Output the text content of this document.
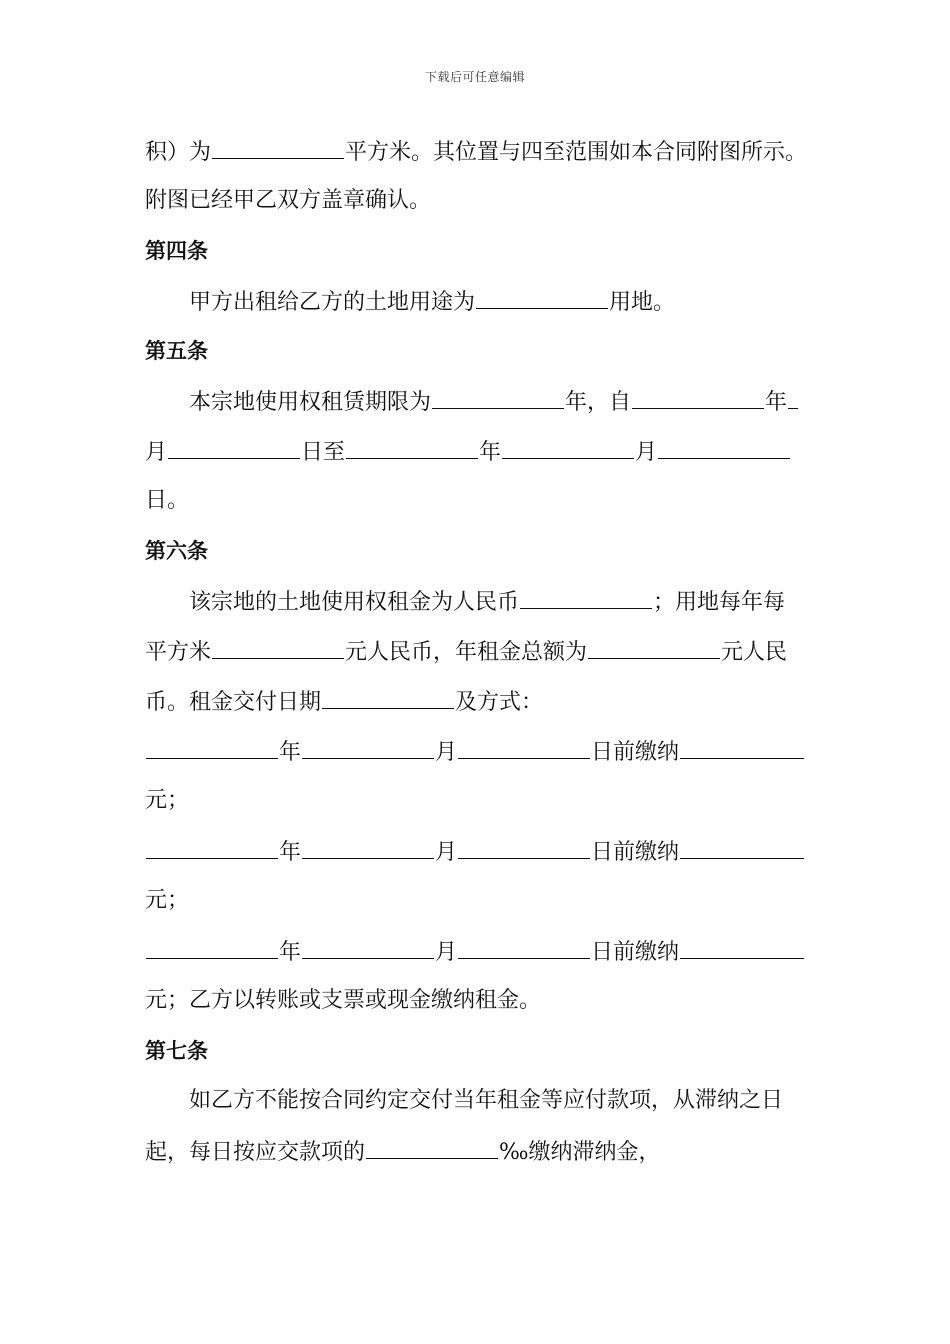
下载后可任意编辑
积）为	平方米。其位置与四至范围如本合同附图所示。
附图已经甲乙双方盖章确认。
第四条
甲方出租给乙方的土地用途为	用地。
第五条
本宗地使用权租赁期限为	年，自	年
月	日至	年	月
日。
第六条
该宗地的土地使用权租金为人民币	；用地每年每
平方米	元人民币，年租金总额为	元人民
币。租金交付日期	及方式：
年	月	日前缴纳
元；
年	月	日前缴纳
元；
年	月	日前缴纳
元；乙方以转账或支票或现金缴纳租金。
第七条
如乙方不能按合同约定交付当年租金等应付款项，从滞纳之日
起，每日按应交款项的	‰缴纳滞纳金，
